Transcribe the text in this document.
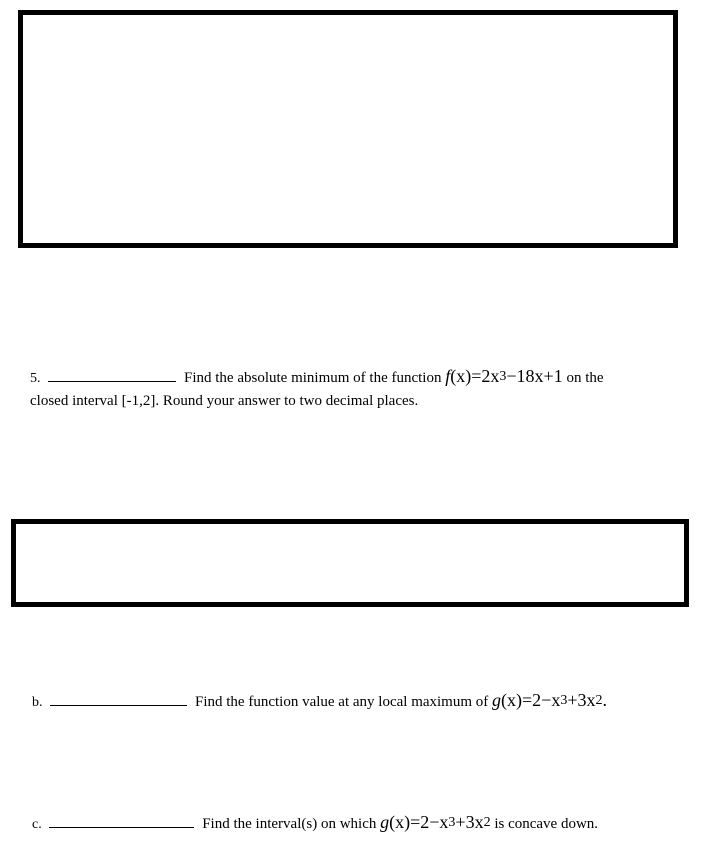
5.	Find the absolute minimum of the function $f(x)=2x^3-18x+1$ on the
closed interval [-1,2]. Round your answer to two decimal places.
b.	Find the function value at any local maximum of $g(x)=2-x^3+3x^2$.
c.	Find the interval(s) on which $g(x)=2-x^3+3x^2$ is concave down.
